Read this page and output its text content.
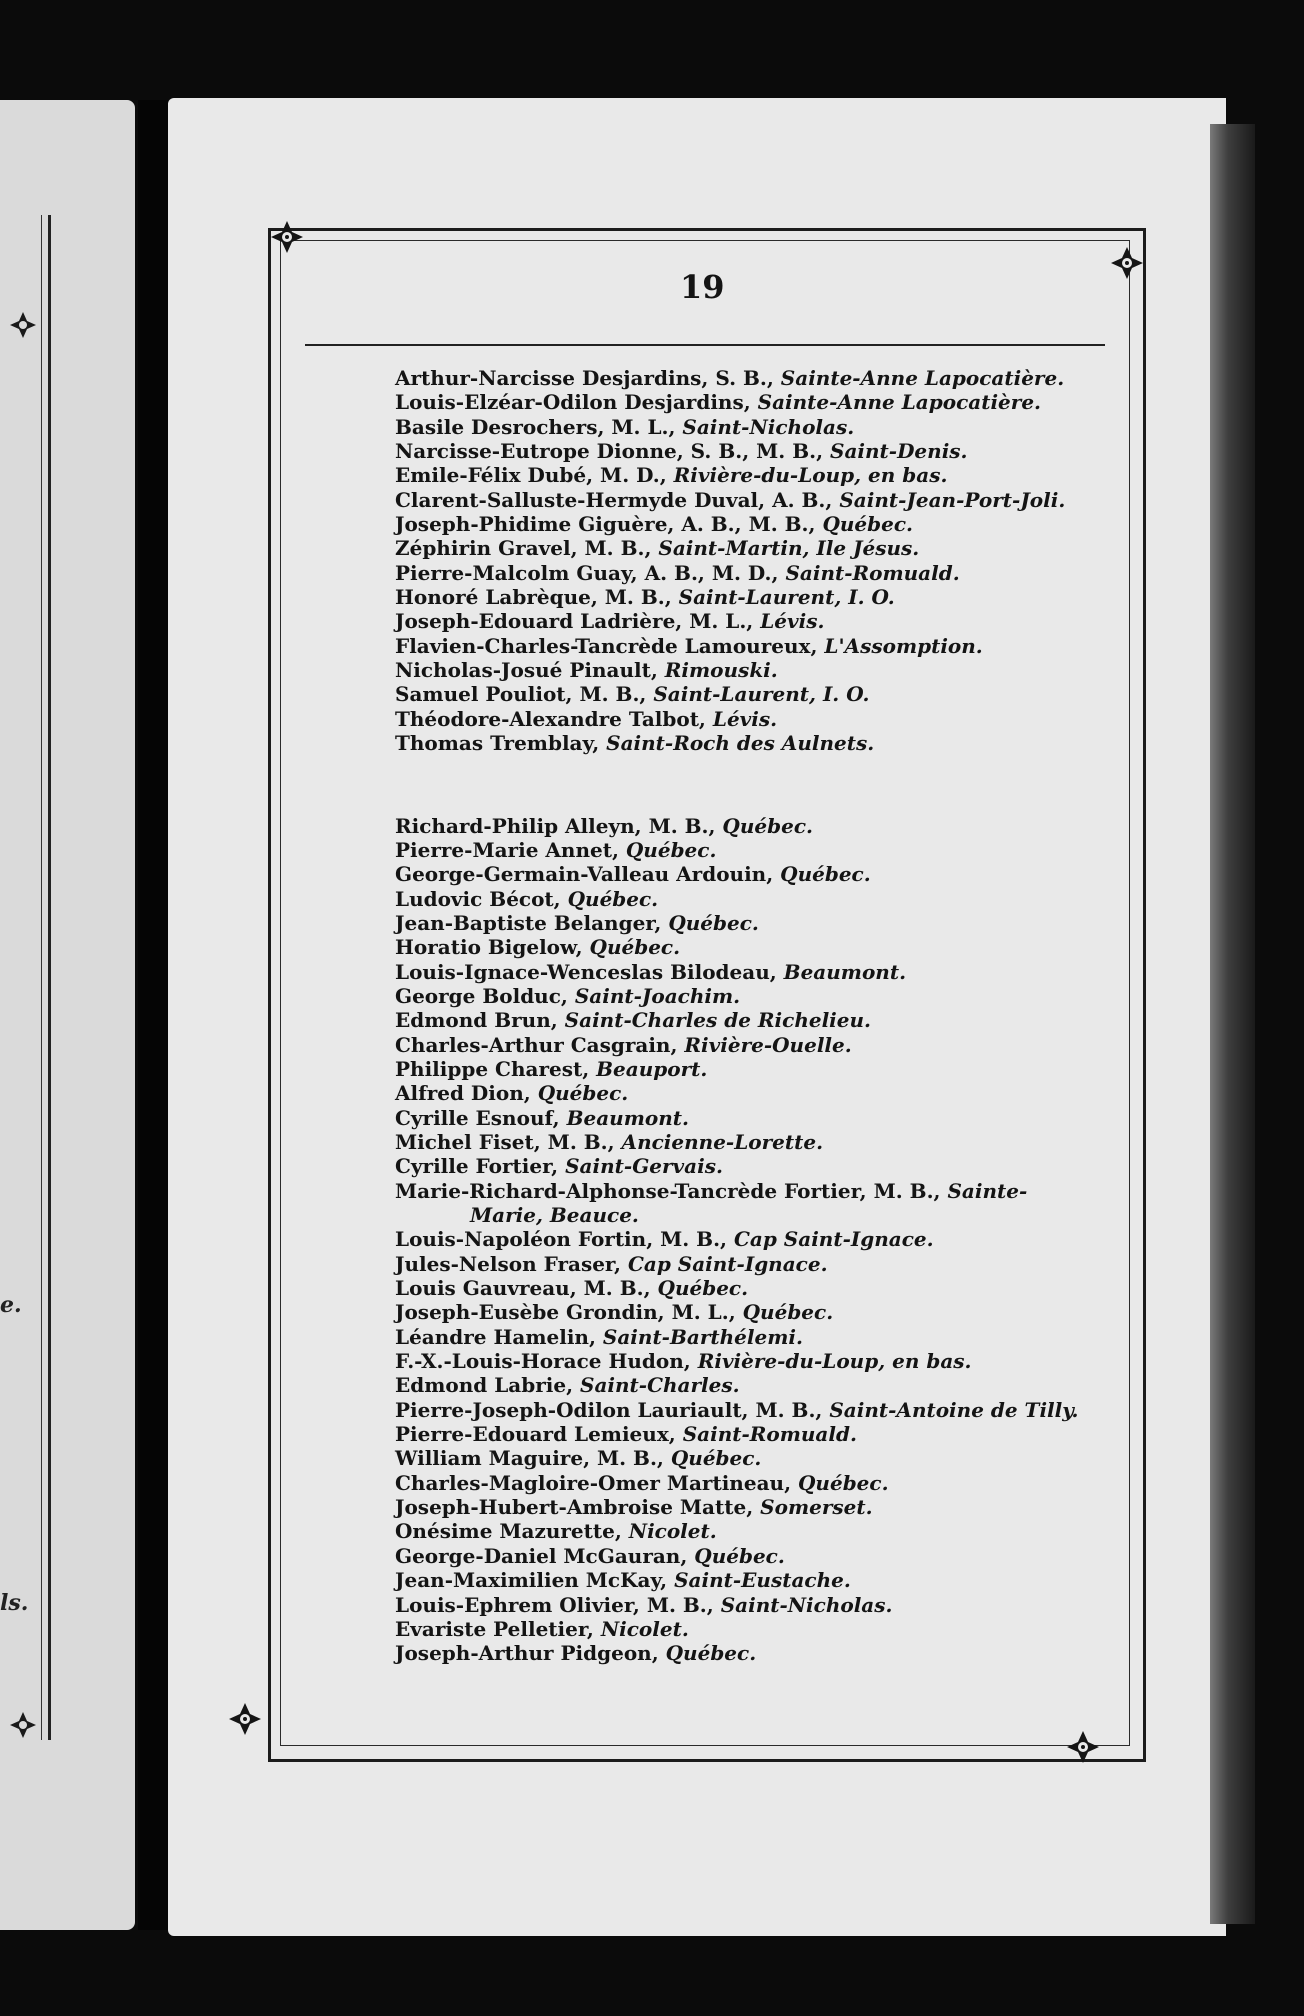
e.
ls.
19
Arthur-Narcisse Desjardins, S. B., Sainte-Anne Lapocatière.
Louis-Elzéar-Odilon Desjardins, Sainte-Anne Lapocatière.
Basile Desrochers, M. L., Saint-Nicholas.
Narcisse-Eutrope Dionne, S. B., M. B., Saint-Denis.
Emile-Félix Dubé, M. D., Rivière-du-Loup, en bas.
Clarent-Salluste-Hermyde Duval, A. B., Saint-Jean-Port-Joli.
Joseph-Phidime Giguère, A. B., M. B., Québec.
Zéphirin Gravel, M. B., Saint-Martin, Ile Jésus.
Pierre-Malcolm Guay, A. B., M. D., Saint-Romuald.
Honoré Labrèque, M. B., Saint-Laurent, I. O.
Joseph-Edouard Ladrière, M. L., Lévis.
Flavien-Charles-Tancrède Lamoureux, L'Assomption.
Nicholas-Josué Pinault, Rimouski.
Samuel Pouliot, M. B., Saint-Laurent, I. O.
Théodore-Alexandre Talbot, Lévis.
Thomas Tremblay, Saint-Roch des Aulnets.
Richard-Philip Alleyn, M. B., Québec.
Pierre-Marie Annet, Québec.
George-Germain-Valleau Ardouin, Québec.
Ludovic Bécot, Québec.
Jean-Baptiste Belanger, Québec.
Horatio Bigelow, Québec.
Louis-Ignace-Wenceslas Bilodeau, Beaumont.
George Bolduc, Saint-Joachim.
Edmond Brun, Saint-Charles de Richelieu.
Charles-Arthur Casgrain, Rivière-Ouelle.
Philippe Charest, Beauport.
Alfred Dion, Québec.
Cyrille Esnouf, Beaumont.
Michel Fiset, M. B., Ancienne-Lorette.
Cyrille Fortier, Saint-Gervais.
Marie-Richard-Alphonse-Tancrède Fortier, M. B., Sainte-
Marie, Beauce.
Louis-Napoléon Fortin, M. B., Cap Saint-Ignace.
Jules-Nelson Fraser, Cap Saint-Ignace.
Louis Gauvreau, M. B., Québec.
Joseph-Eusèbe Grondin, M. L., Québec.
Léandre Hamelin, Saint-Barthélemi.
F.-X.-Louis-Horace Hudon, Rivière-du-Loup, en bas.
Edmond Labrie, Saint-Charles.
Pierre-Joseph-Odilon Lauriault, M. B., Saint-Antoine de Tilly.
Pierre-Edouard Lemieux, Saint-Romuald.
William Maguire, M. B., Québec.
Charles-Magloire-Omer Martineau, Québec.
Joseph-Hubert-Ambroise Matte, Somerset.
Onésime Mazurette, Nicolet.
George-Daniel McGauran, Québec.
Jean-Maximilien McKay, Saint-Eustache.
Louis-Ephrem Olivier, M. B., Saint-Nicholas.
Evariste Pelletier, Nicolet.
Joseph-Arthur Pidgeon, Québec.
